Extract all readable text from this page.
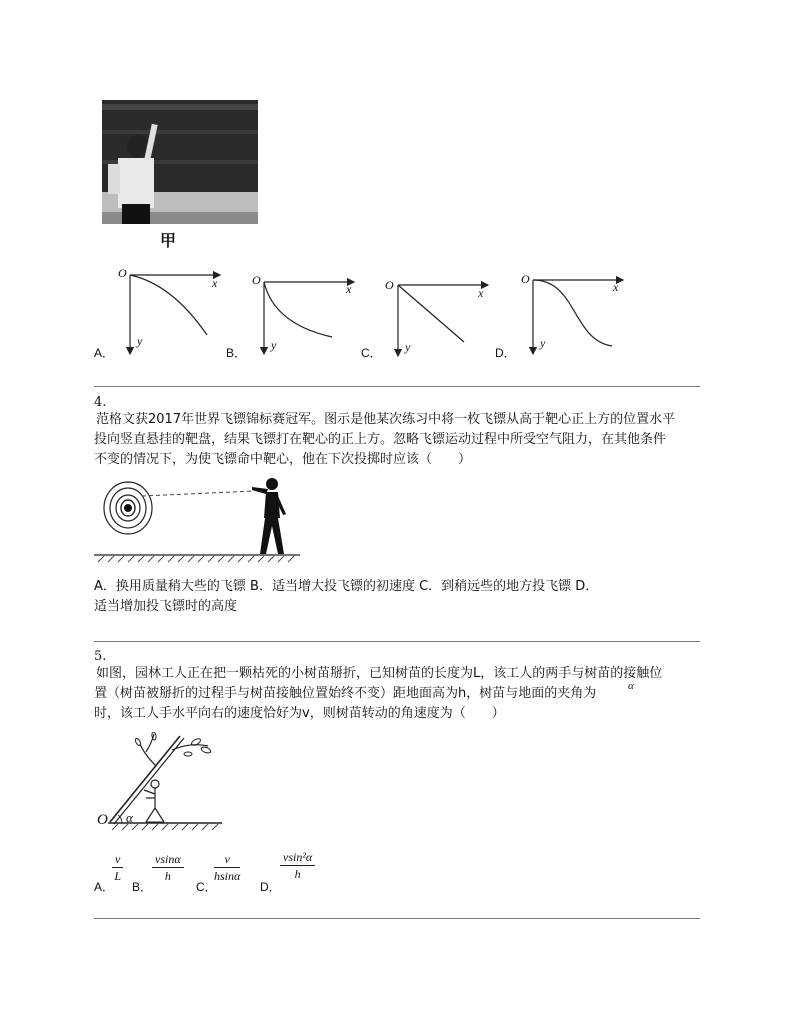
甲
O
x
y
O
x
y
O
x
y
O
x
y
A．	B．	C．	D．
4.
范格文获2017年世界飞镖锦标赛冠军。图示是他某次练习中将一枚飞镖从高于靶心正上方的位置水平
投向竖直悬挂的靶盘，结果飞镖打在靶心的正上方。忽略飞镖运动过程中所受空气阻力，在其他条件
不变的情况下，为使飞镖命中靶心，他在下次投掷时应该（　　）
A．换用质量稍大些的飞镖 B．适当增大投飞镖的初速度 C．到稍远些的地方投飞镖 D．
适当增加投飞镖时的高度
5.
如图，园林工人正在把一颗枯死的小树苗掰折，已知树苗的长度为L，该工人的两手与树苗的接触位
置（树苗被掰折的过程手与树苗接触位置始终不变）距地面高为h，树苗与地面的夹角为	α
时，该工人手水平向右的速度恰好为v，则树苗转动的角速度为（　　）
O α
A．
$\frac{v}{L}$
B．
$\frac{vsin\alpha}{h}$
C．
$\frac{v}{hsin\alpha}$
D．
$\frac{\text{vsin²α}}{h}$
